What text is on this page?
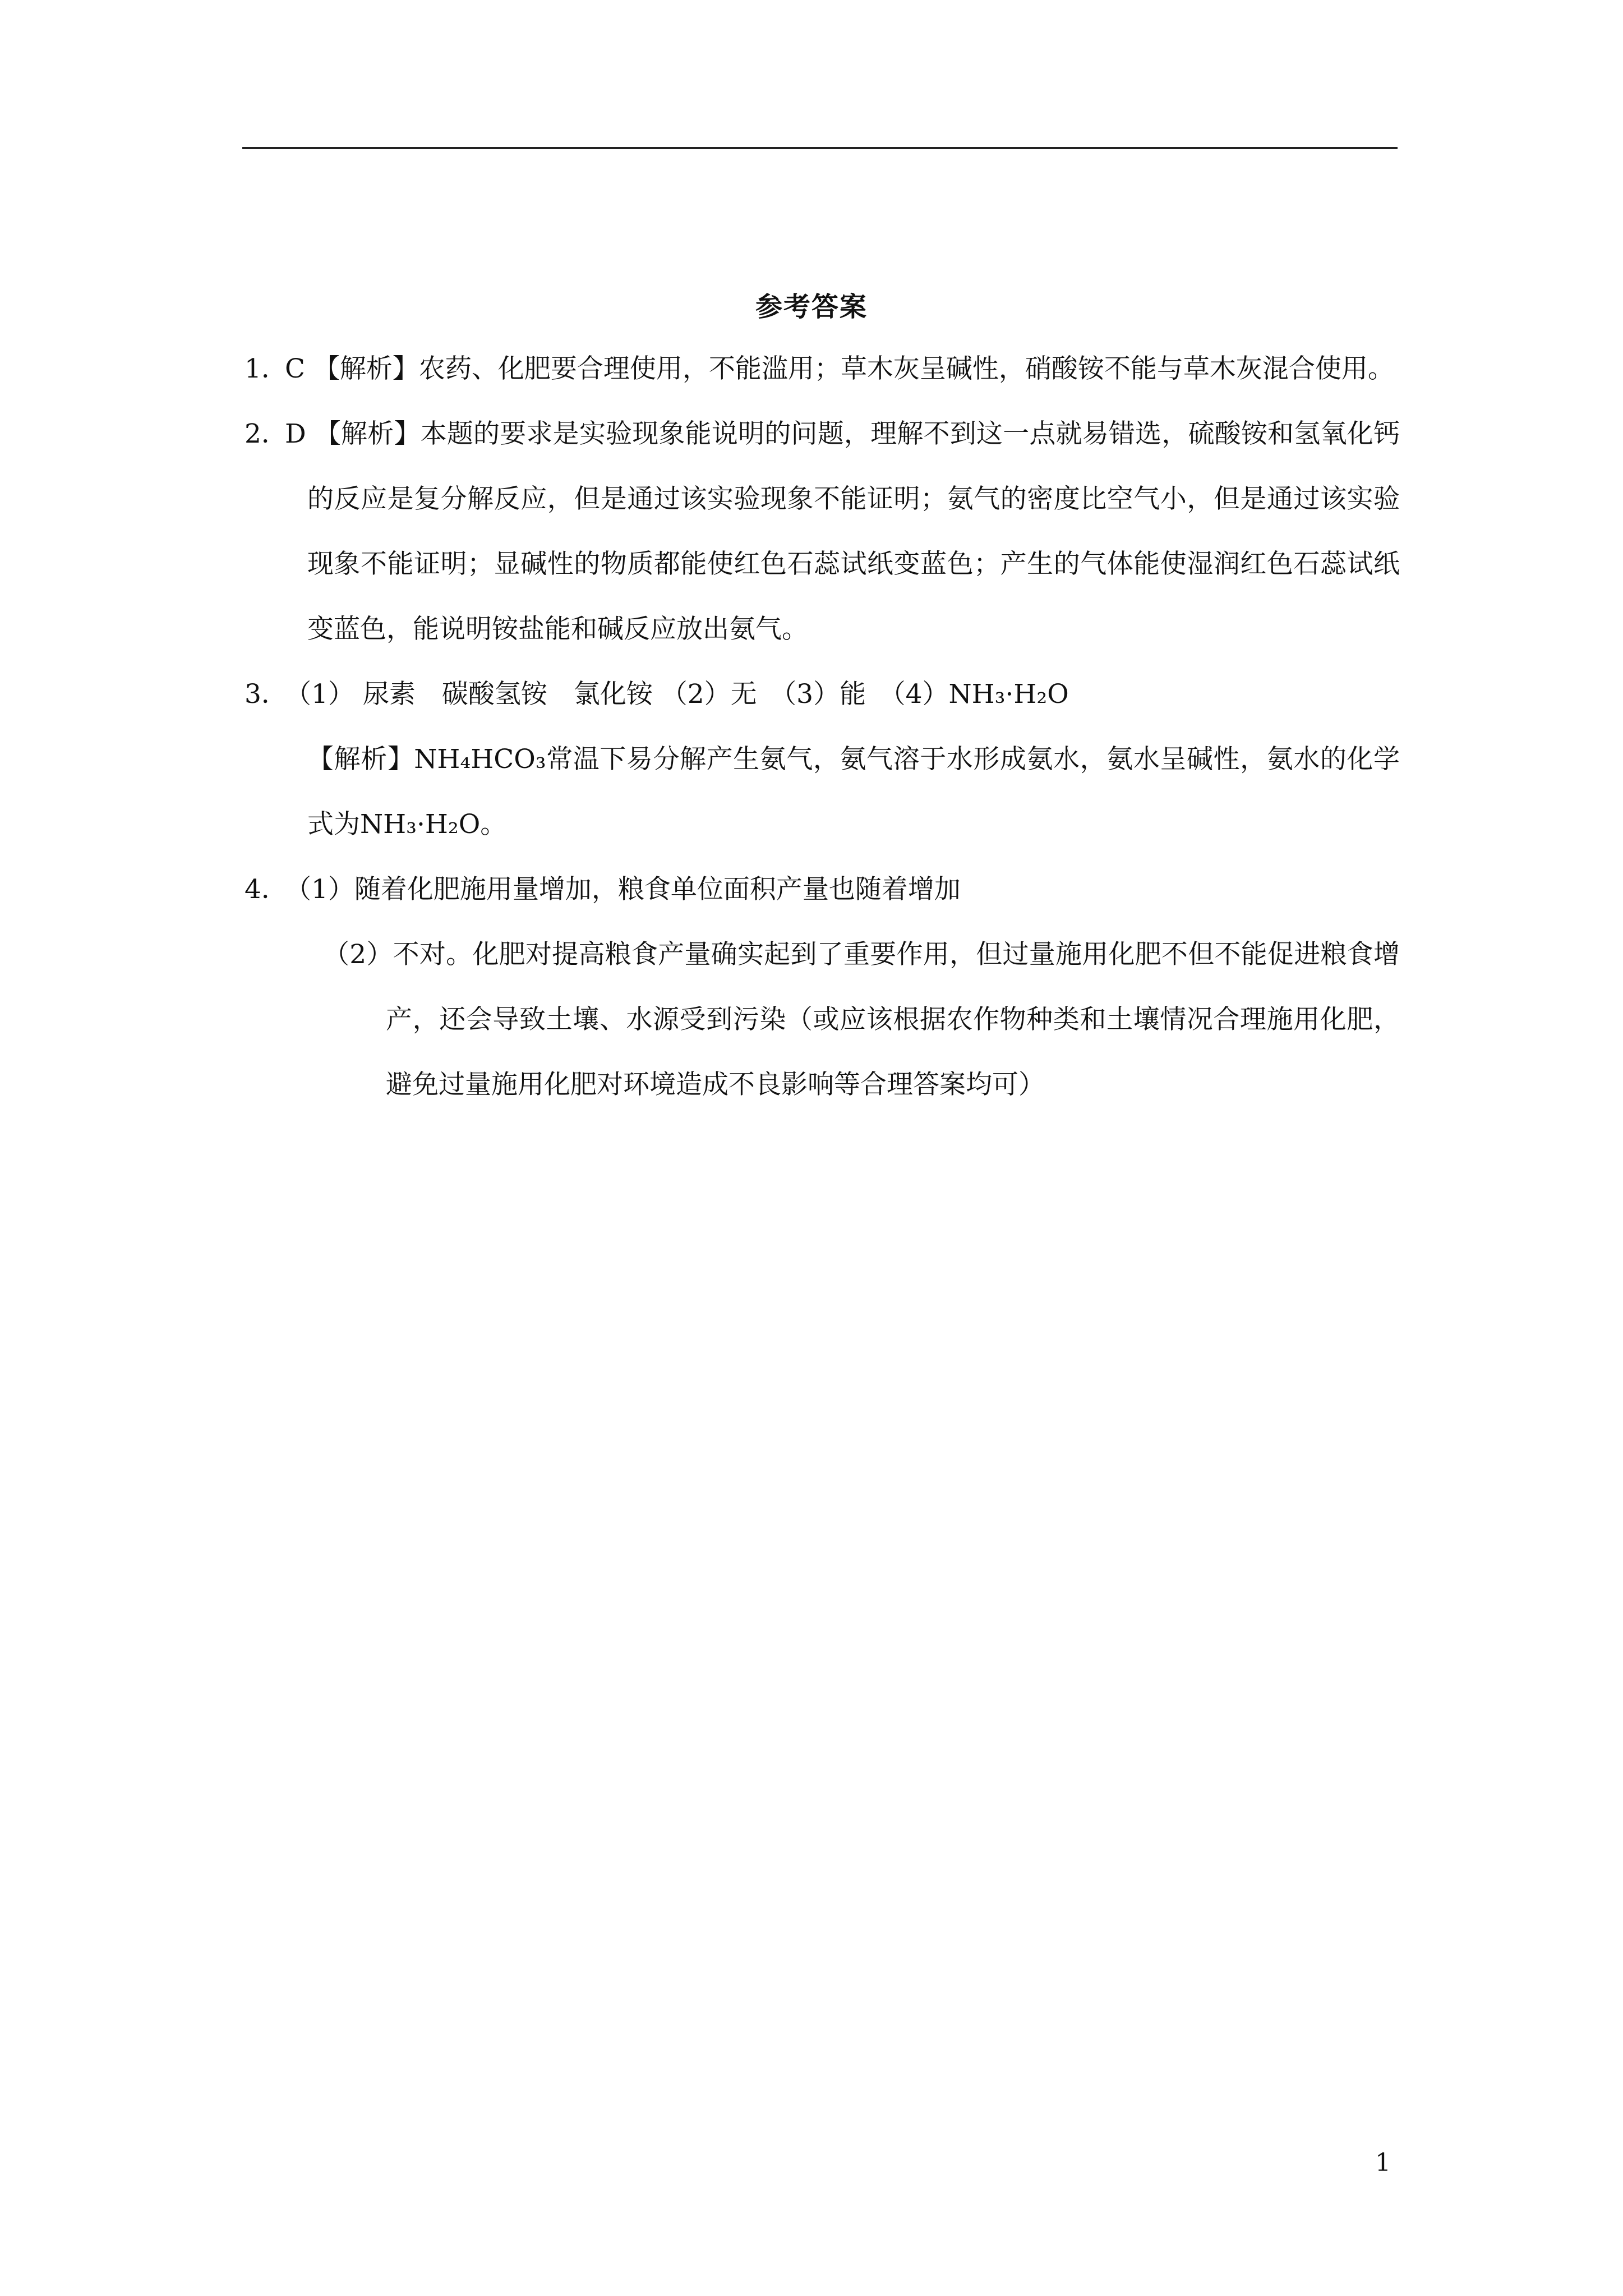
参考答案

1．C 【解析】农药、化肥要合理使用，不能滥用；草木灰呈碱性，硝酸铵不能与草木灰混合使用。

2．D 【解析】本题的要求是实验现象能说明的问题，理解不到这一点就易错选，硫酸铵和氢氧化钙的反应是复分解反应，但是通过该实验现象不能证明；氨气的密度比空气小，但是通过该实验现象不能证明；显碱性的物质都能使红色石蕊试纸变蓝色；产生的气体能使湿润红色石蕊试纸变蓝色，能说明铵盐能和碱反应放出氨气。

3．（1） 尿素　碳酸氢铵　氯化铵 （2）无　（3）能　（4）NH₃·H₂O

【解析】NH₄HCO₃常温下易分解产生氨气，氨气溶于水形成氨水，氨水呈碱性，氨水的化学式为NH₃·H₂O。

4．（1）随着化肥施用量增加，粮食单位面积产量也随着增加

（2）不对。化肥对提高粮食产量确实起到了重要作用，但过量施用化肥不但不能促进粮食增产，还会导致土壤、水源受到污染（或应该根据农作物种类和土壤情况合理施用化肥，避免过量施用化肥对环境造成不良影响等合理答案均可）

1
